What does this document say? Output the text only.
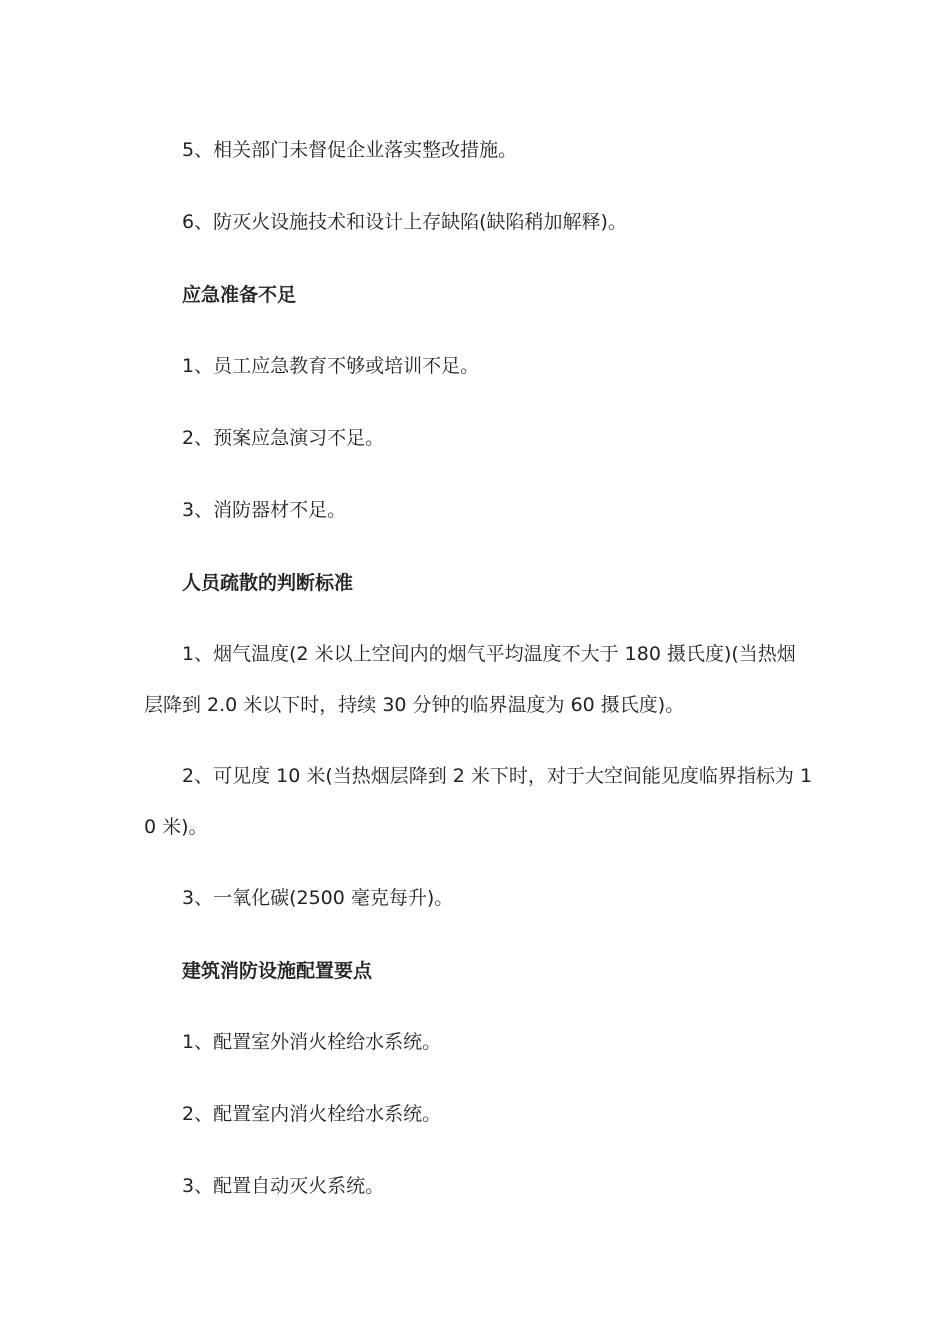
5、相关部门未督促企业落实整改措施。

6、防灭火设施技术和设计上存缺陷(缺陷稍加解释)。

应急准备不足

1、员工应急教育不够或培训不足。

2、预案应急演习不足。

3、消防器材不足。

人员疏散的判断标准

1、烟气温度(2 米以上空间内的烟气平均温度不大于 180 摄氏度)(当热烟层降到 2.0 米以下时，持续 30 分钟的临界温度为 60 摄氏度)。

2、可见度 10 米(当热烟层降到 2 米下时，对于大空间能见度临界指标为 10 米)。

3、一氧化碳(2500 毫克每升)。

建筑消防设施配置要点

1、配置室外消火栓给水系统。

2、配置室内消火栓给水系统。

3、配置自动灭火系统。
